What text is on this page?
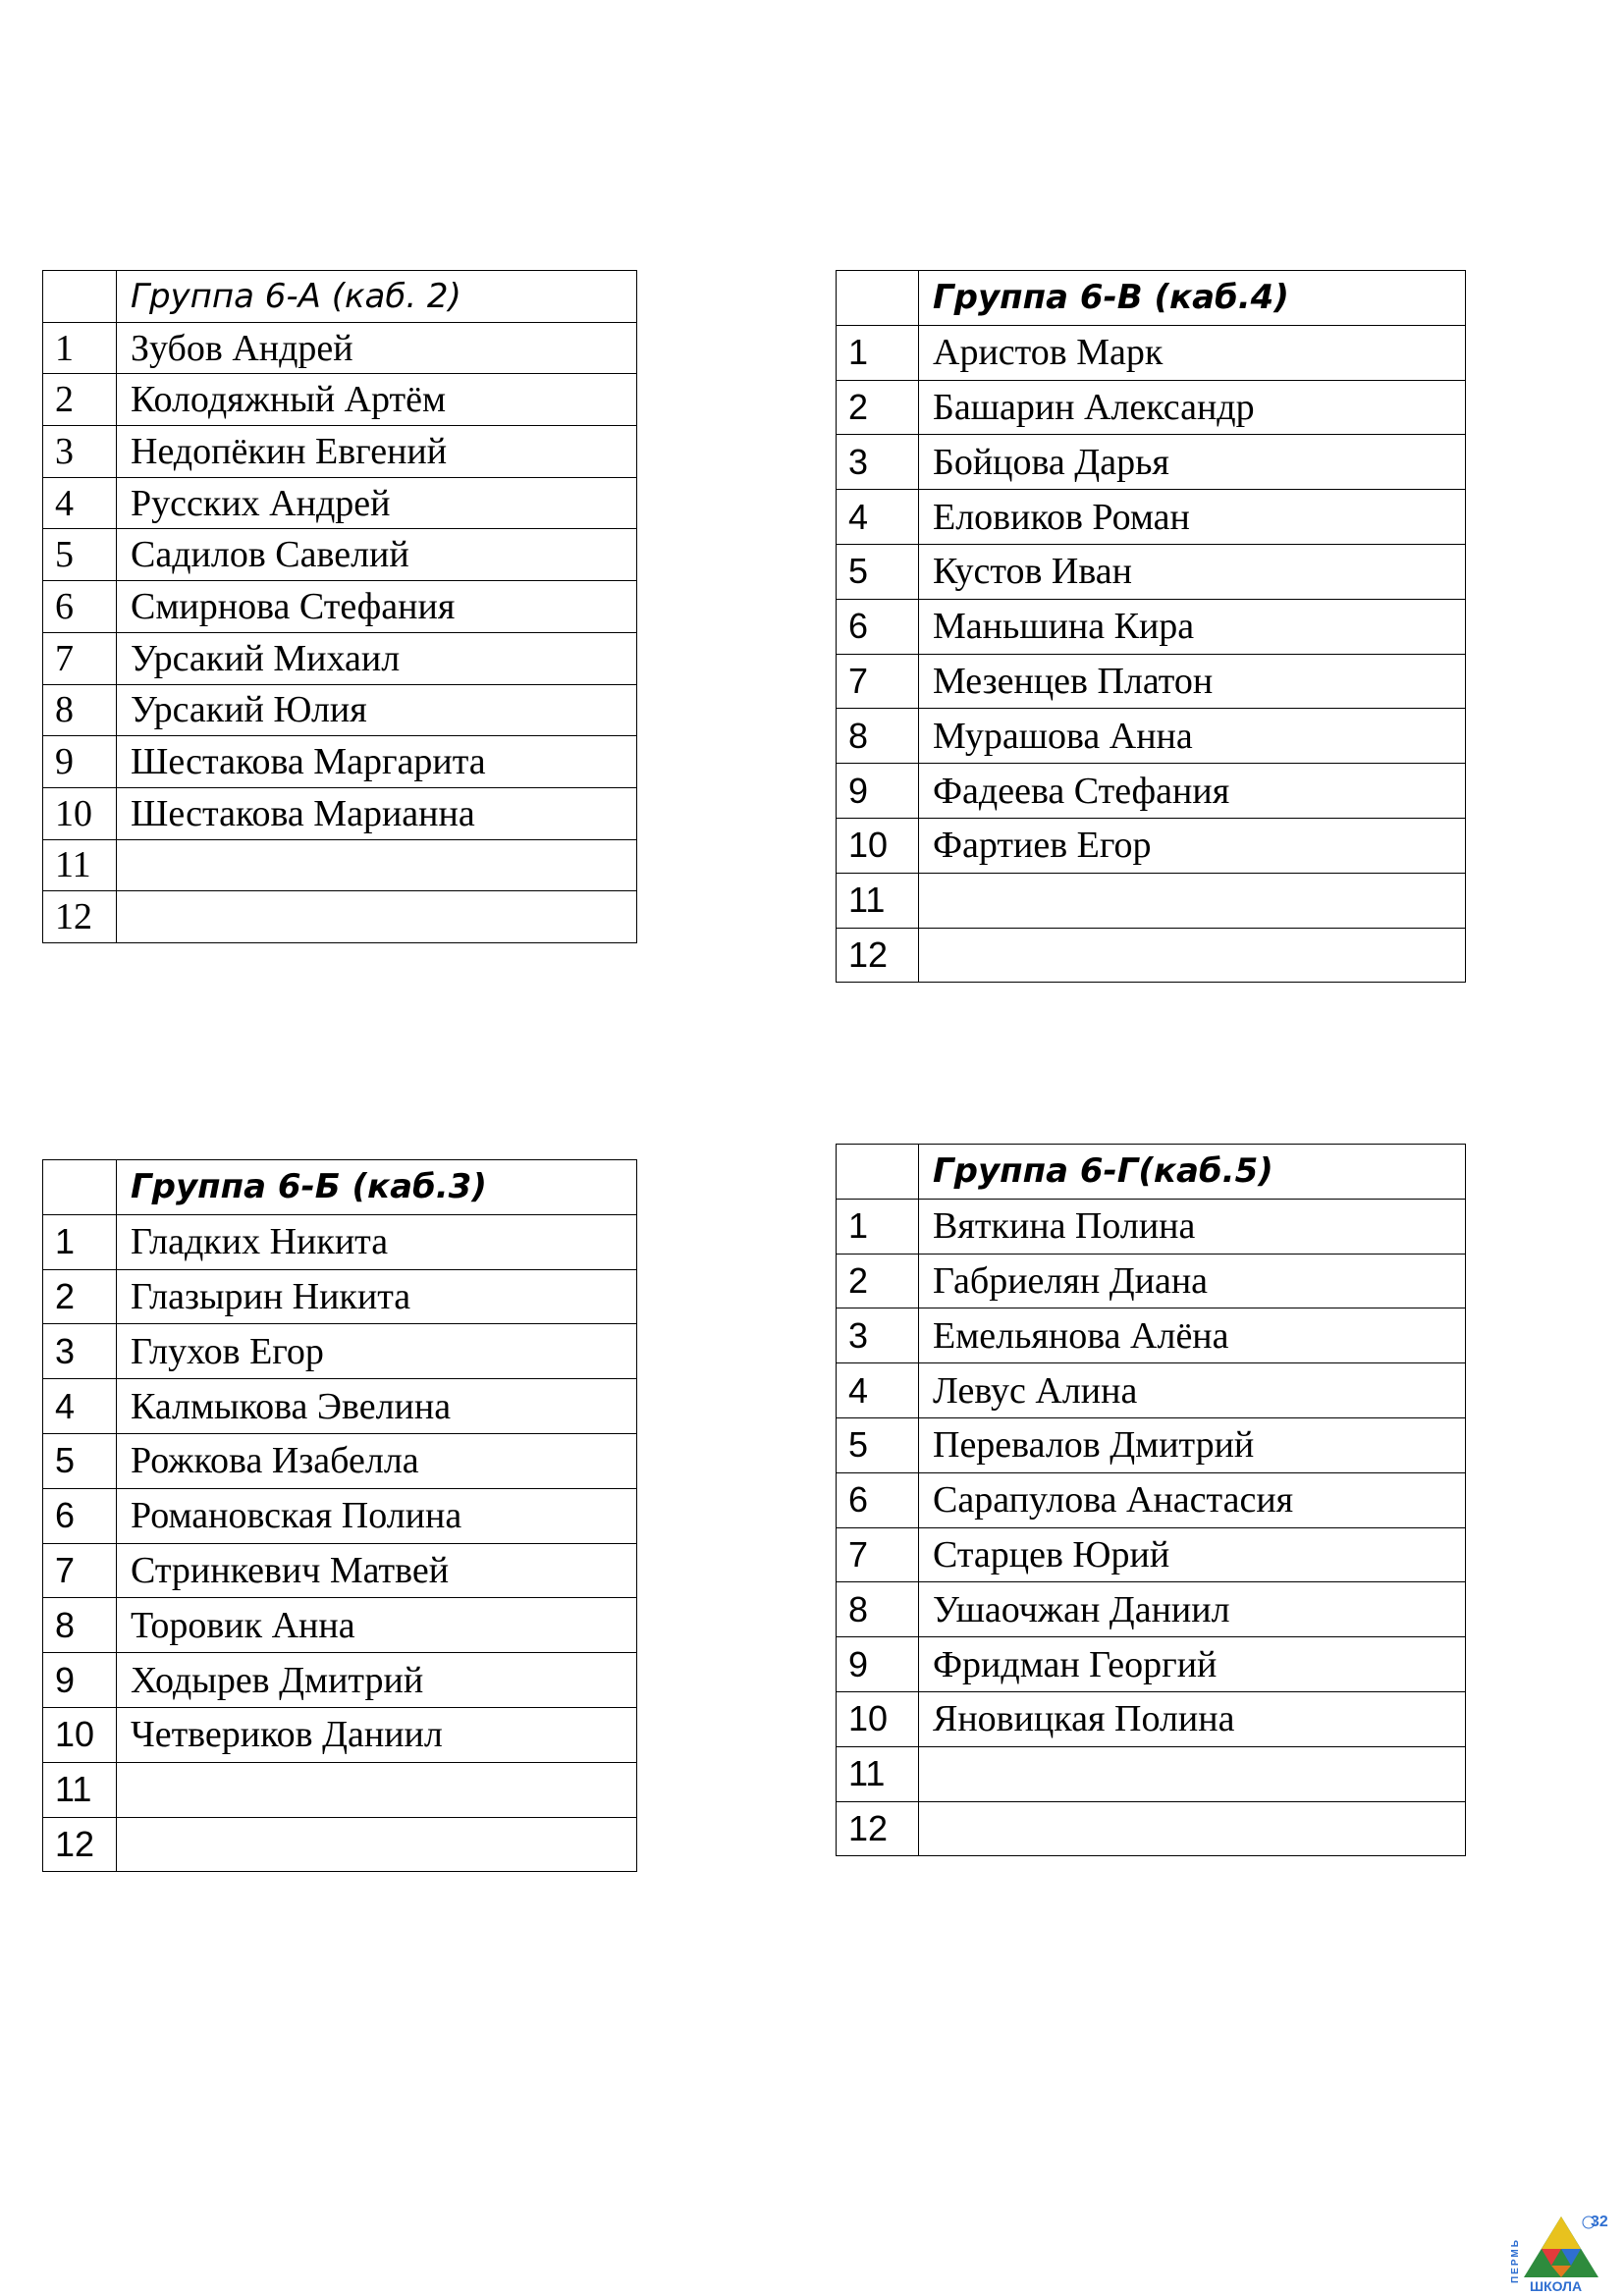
	Группа 6-А (каб. 2)
1	Зубов Андрей
2	Колодяжный Артём
3	Недопёкин Евгений
4	Русских Андрей
5	Садилов Савелий
6	Смирнова Стефания
7	Урсакий Михаил
8	Урсакий Юлия
9	Шестакова Маргарита
10	Шестакова Марианна
11	
12	
	Группа 6-В (каб.4)
1	Аристов Марк
2	Башарин Александр
3	Бойцова Дарья
4	Еловиков Роман
5	Кустов Иван
6	Маньшина Кира
7	Мезенцев Платон
8	Мурашова Анна
9	Фадеева Стефания
10	Фартиев Егор
11	
12	
	Группа 6-Б (каб.3)
1	Гладких Никита
2	Глазырин Никита
3	Глухов Егор
4	Калмыкова Эвелина
5	Рожкова Изабелла
6	Романовская Полина
7	Стринкевич Матвей
8	Торовик Анна
9	Ходырев Дмитрий
10	Четвериков Даниил
11	
12	
	Группа 6-Г(каб.5)
1	Вяткина Полина
2	Габриелян Диана
3	Емельянова Алёна
4	Левус Алина
5	Перевалов Дмитрий
6	Сарапулова Анастасия
7	Старцев Юрий
8	Ушаочжан Даниил
9	Фридман Георгий
10	Яновицкая Полина
11	
12	
32
ПЕРМЬ
ШКОЛА
